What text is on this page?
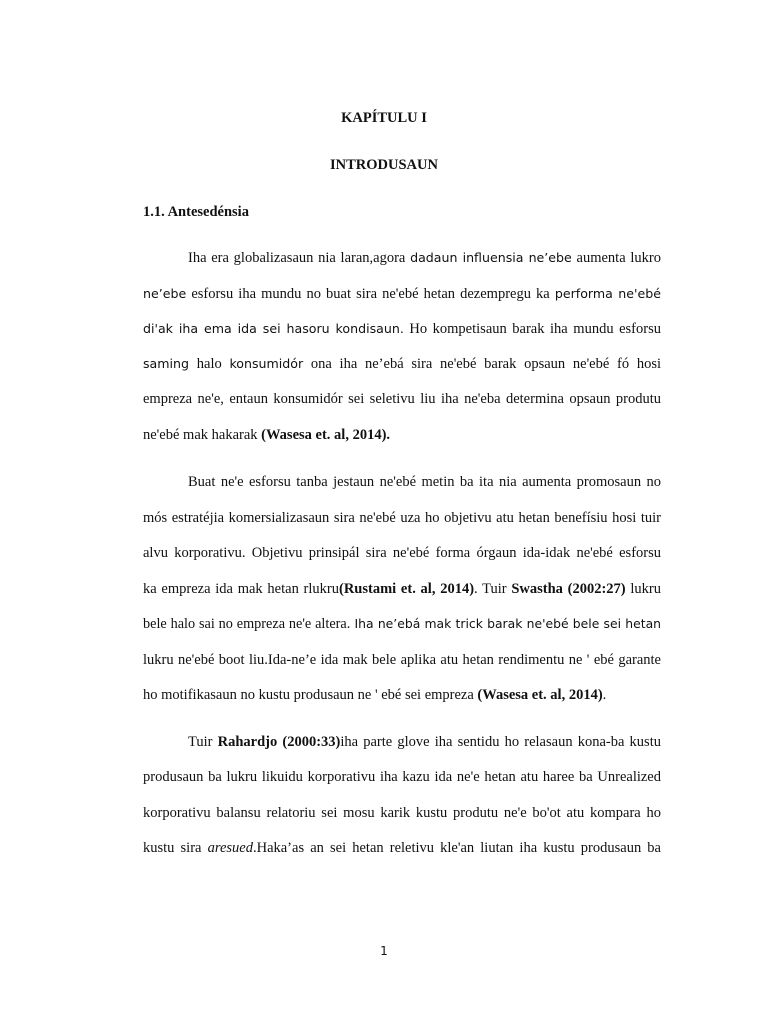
KAPÍTULU I
INTRODUSAUN
1.1. Antesedénsia
Iha era globalizasaun nia laran,agora dadaun influensia ne’ebe aumenta lukro
ne’ebe esforsu iha mundu no buat sira ne'ebé hetan dezempregu ka performa ne'ebé
di'ak iha ema ida sei hasoru kondisaun. Ho kompetisaun barak iha mundu esforsu
saming halo konsumidór ona iha ne’ebá sira ne'ebé barak opsaun ne'ebé fó hosi
empreza ne'e, entaun konsumidór sei seletivu liu iha ne'eba determina opsaun produtu
ne'ebé mak hakarak (Wasesa et. al, 2014).
Buat ne'e esforsu tanba jestaun ne'ebé metin ba ita nia aumenta promosaun no
mós estratéjia komersializasaun sira ne'ebé uza ho objetivu atu hetan benefísiu hosi tuir
alvu korporativu. Objetivu prinsipál sira ne'ebé forma órgaun ida-idak ne'ebé esforsu
ka empreza ida mak hetan rlukru(Rustami et. al, 2014). Tuir Swastha (2002:27) lukru
bele halo sai no empreza ne'e altera. Iha ne’ebá mak trick barak ne'ebé bele sei hetan
lukru ne'ebé boot liu.Ida-ne’e ida mak bele aplika atu hetan rendimentu ne ' ebé garante
ho motifikasaun no kustu produsaun ne ' ebé sei empreza (Wasesa et. al, 2014).
Tuir Rahardjo (2000:33)iha parte glove iha sentidu ho relasaun kona-ba kustu
produsaun ba lukru likuidu korporativu iha kazu ida ne'e hetan atu haree ba Unrealized
korporativu balansu relatoriu sei mosu karik kustu produtu ne'e bo'ot atu kompara ho
kustu sira aresued.Haka’as an sei hetan reletivu kle'an liutan iha kustu produsaun ba
1
